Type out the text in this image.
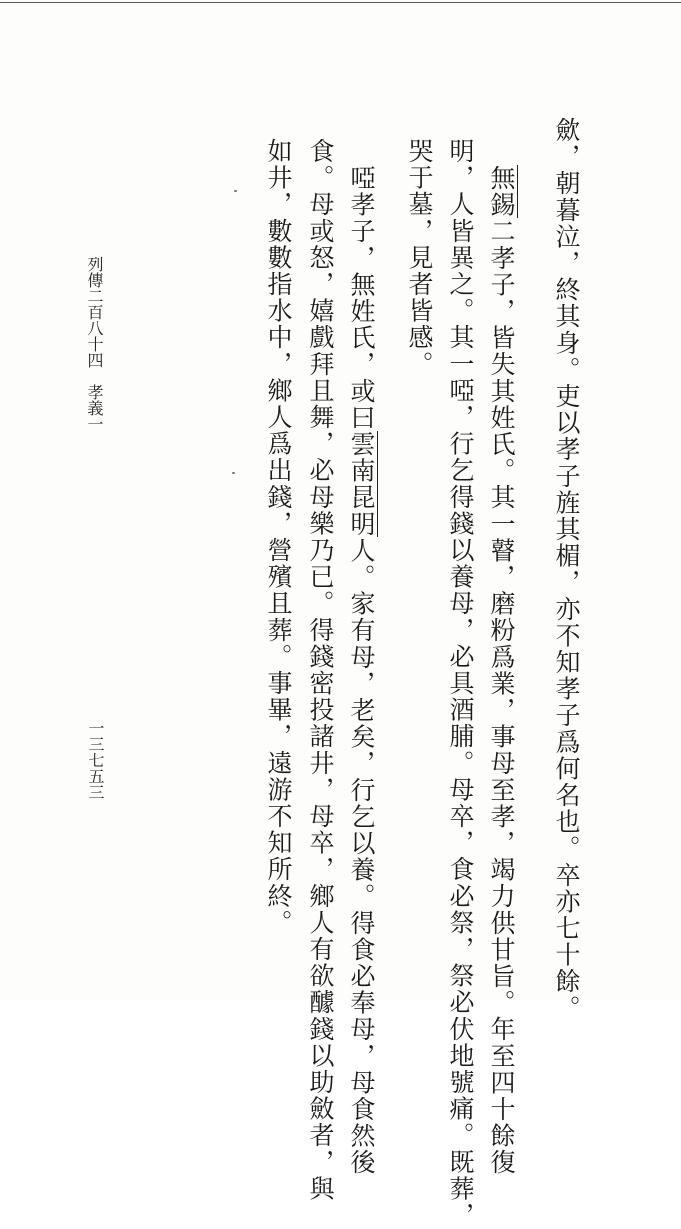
歛，朝暮泣，終其身。吏以孝子旌其楣，亦不知孝子爲何名也。卒亦七十餘。
無錫二孝子，皆失其姓氏。其一瞽，磨粉爲業，事母至孝，竭力供甘旨。年至四十餘復
明，人皆異之。其一啞，行乞得錢以養母，必具酒脯。母卒，食必祭，祭必伏地號痛。既葬，
哭于墓，見者皆感。
啞孝子，無姓氏，或曰雲南昆明人。家有母，老矣，行乞以養。得食必奉母，母食然後
食。母或怒，嬉戲拜且舞，必母樂乃已。得錢密投諸井，母卒，鄉人有欲醵錢以助斂者，與
如井，數數指水中，鄉人爲出錢，營殯且葬。事畢，遠游不知所終。
列傳二百八十四
孝義一
一三七五三
